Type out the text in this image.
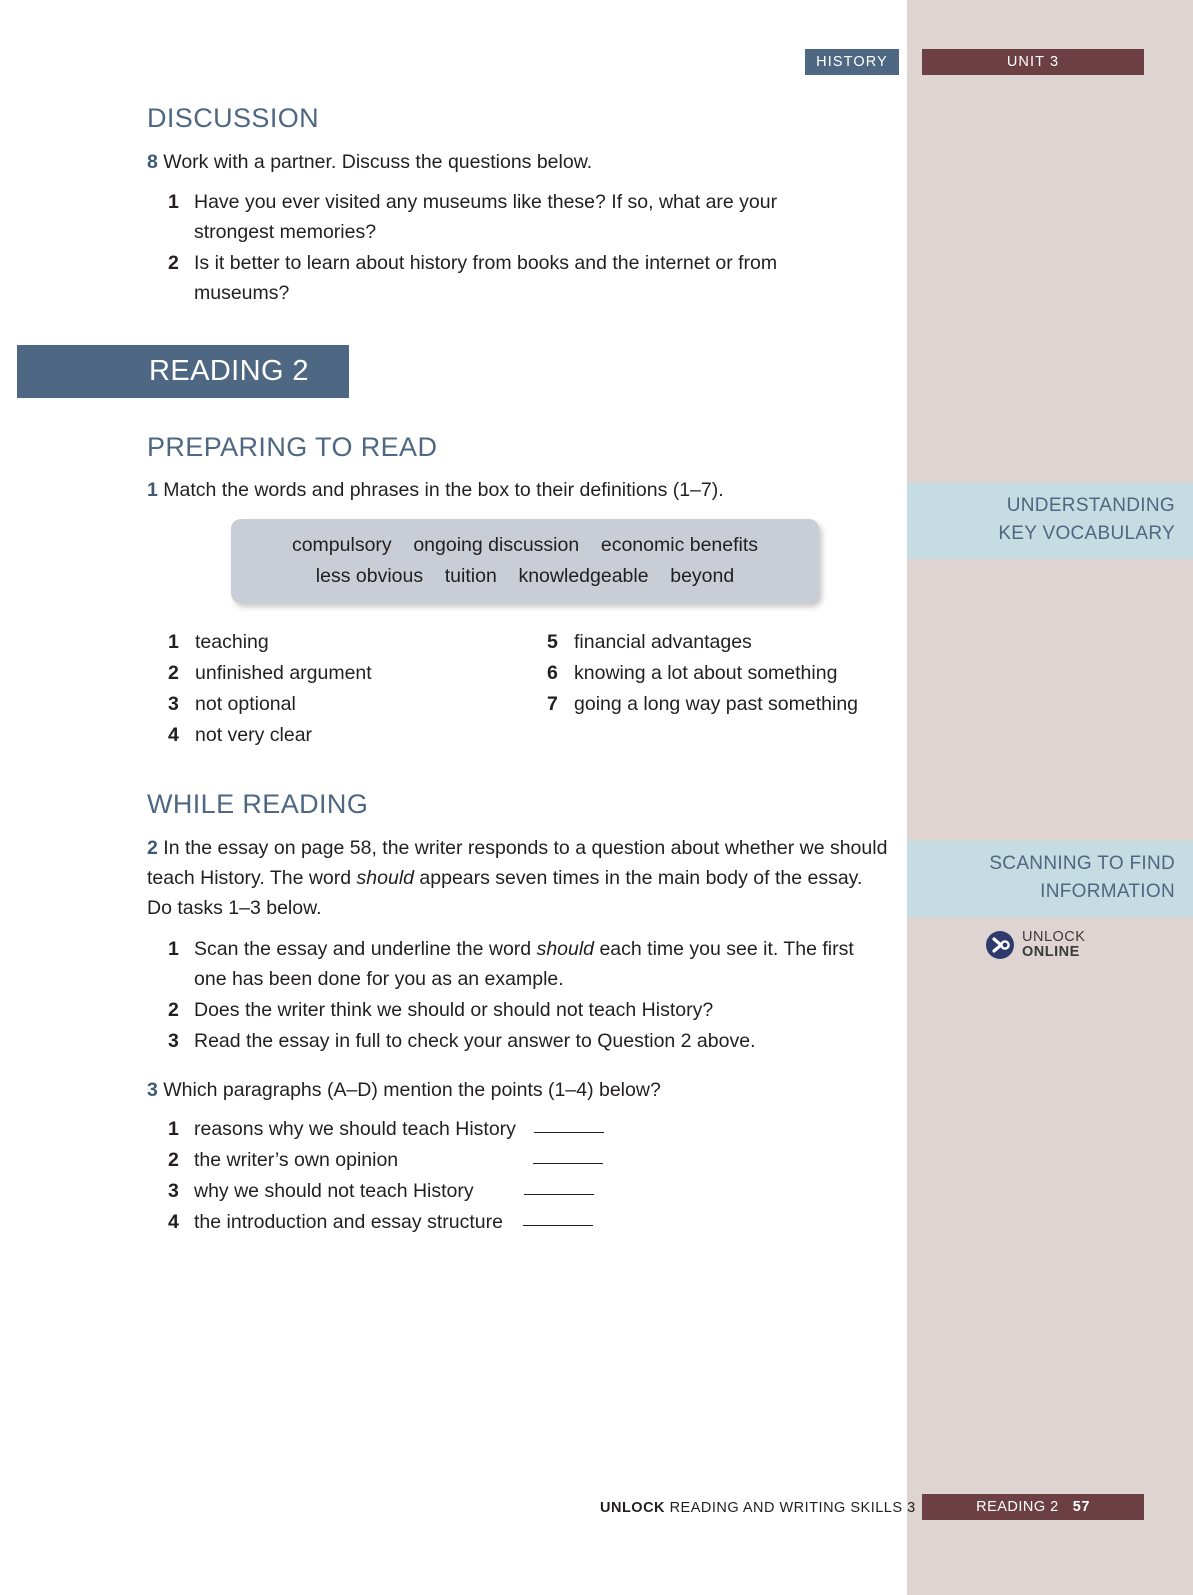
HISTORY	UNIT 3
DISCUSSION
8 Work with a partner. Discuss the questions below.
1 Have you ever visited any museums like these? If so, what are your strongest memories?
2 Is it better to learn about history from books and the internet or from museums?
READING 2
PREPARING TO READ
1 Match the words and phrases in the box to their definitions (1–7).
compulsory    ongoing discussion    economic benefits
less obvious    tuition    knowledgeable    beyond
1 teaching
2 unfinished argument
3 not optional
4 not very clear
5 financial advantages
6 knowing a lot about something
7 going a long way past something
WHILE READING
2 In the essay on page 58, the writer responds to a question about whether we should teach History. The word should appears seven times in the main body of the essay. Do tasks 1–3 below.
1 Scan the essay and underline the word should each time you see it. The first one has been done for you as an example.
2 Does the writer think we should or should not teach History?
3 Read the essay in full to check your answer to Question 2 above.
3 Which paragraphs (A–D) mention the points (1–4) below?
1 reasons why we should teach History
2 the writer’s own opinion
3 why we should not teach History
4 the introduction and essay structure
UNDERSTANDING
KEY VOCABULARY
SCANNING TO FIND
INFORMATION
UNLOCK
ONLINE
UNLOCK READING AND WRITING SKILLS 3	READING 2 57
